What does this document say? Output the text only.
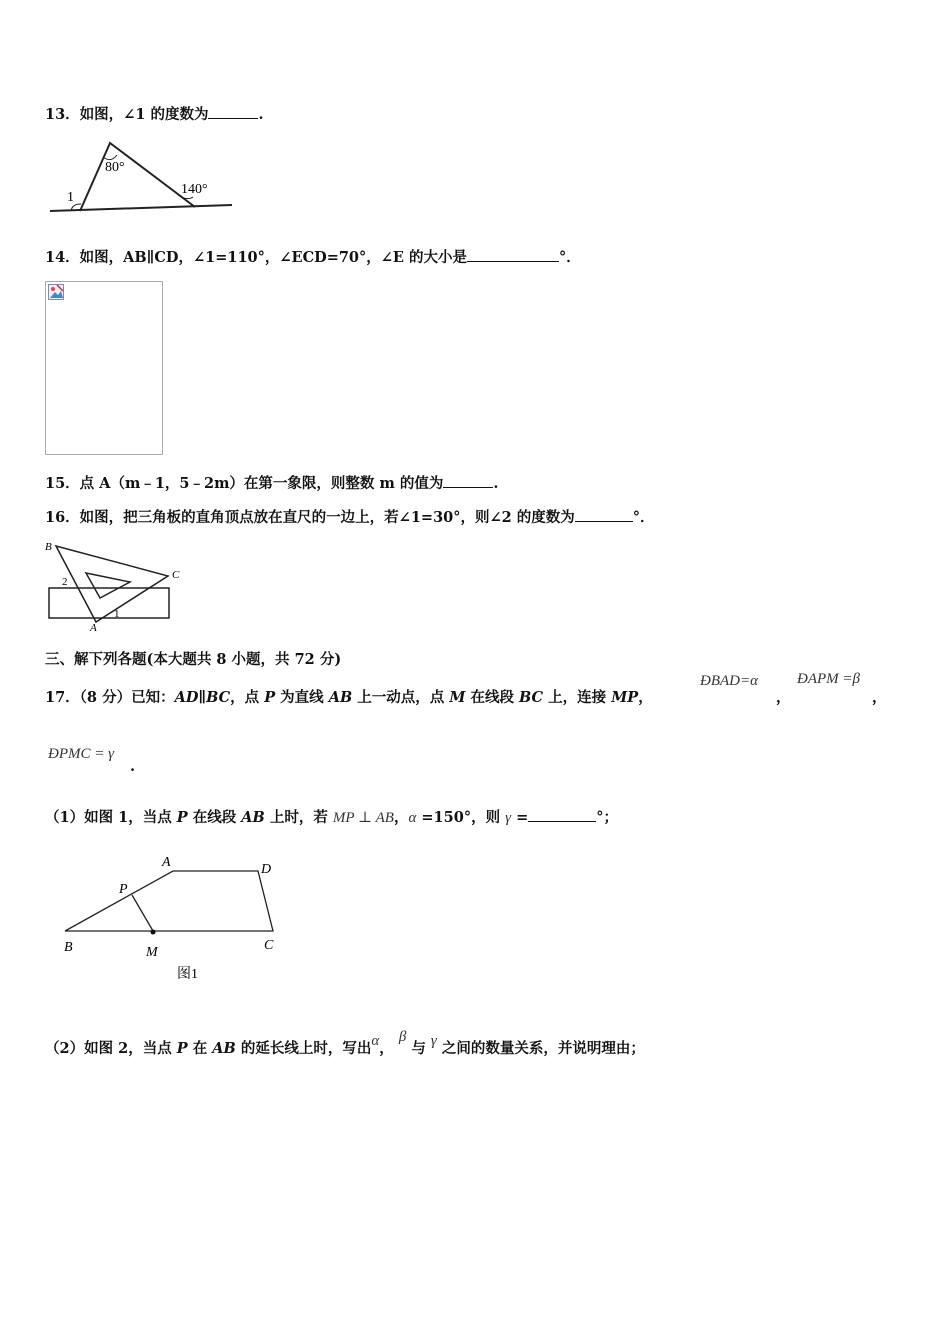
13．如图，∠1 的度数为	.
80°
140°
1
14．如图，AB∥CD，∠1=110°，∠ECD=70°，∠E 的大小是	°．
15．点 A（m﹣1，5﹣2m）在第一象限，则整数 m 的值为	.
16．如图，把三角板的直角顶点放在直尺的一边上，若∠1=30°，则∠2 的度数为	°．
B
C
A
2
1
三、解下列各题(本大题共 8 小题，共 72 分)
17．（8 分）已知：AD∥BC，点 P 为直线 AB 上一动点，点 M 在线段 BC 上，连接 MP，
ÐBAD=α
，
ÐAPM =β
，
ÐPMC = γ
.
（1）如图 1，当点 P 在线段 AB 上时，若 MP ⊥ AB，α =150°，则 γ =	°；
A	D
P
B	M	C
图1
（2）如图 2，当点 P 在 AB 的延长线上时，写出α， β 与 γ 之间的数量关系，并说明理由；
